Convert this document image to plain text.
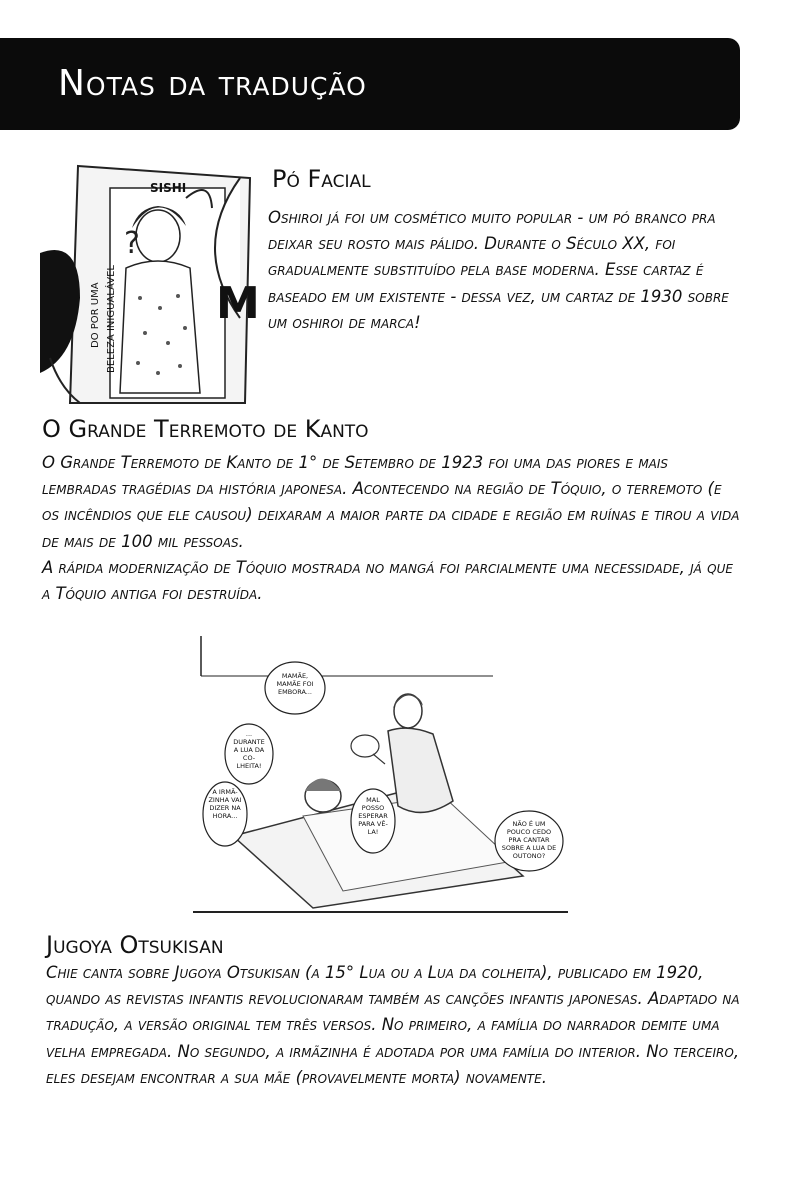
Notas da tradução
?
SISHI
DO POR UMA BELEZA INIGUALÁVEL M
Pó Facial

Oshiroi já foi um cosmético muito popular - um pó branco pra deixar seu rosto mais pálido. Durante o Século XX, foi gradualmente substituído pela base moderna. Esse cartaz é baseado em um existente - dessa vez, um cartaz de 1930 sobre um oshiroi de marca!

O Grande Terremoto de Kanto

O Grande Terremoto de Kanto de 1° de Setembro de 1923 foi uma das piores e mais lembradas tragédias da história japonesa. Acontecendo na região de Tóquio, o terremoto (e os incêndios que ele causou) deixaram a maior parte da cidade e região em ruínas e tirou a vida de mais de 100 mil pessoas.

A rápida modernização de Tóquio mostrada no mangá foi parcialmente uma necessidade, já que a Tóquio antiga foi destruída.

MAMÃE, MAMÃE FOI EMBORA...
... DURANTE A LUA DA CO-LHEITA!
A IRMÃ-ZINHA VAI DIZER NA HORA...
MAL POSSO ESPERAR PARA VÊ-LA!
NÃO É UM POUCO CEDO PRA CANTAR SOBRE A LUA DE OUTONO?
Jugoya Otsukisan

Chie canta sobre Jugoya Otsukisan (a 15° Lua ou a Lua da colheita), publicado em 1920, quando as revistas infantis revolucionaram também as canções infantis japonesas. Adaptado na tradução, a versão original tem três versos. No primeiro, a família do narrador demite uma velha empregada. No segundo, a irmãzinha é adotada por uma família do interior. No terceiro, eles desejam encontrar a sua mãe (provavelmente morta) novamente.
